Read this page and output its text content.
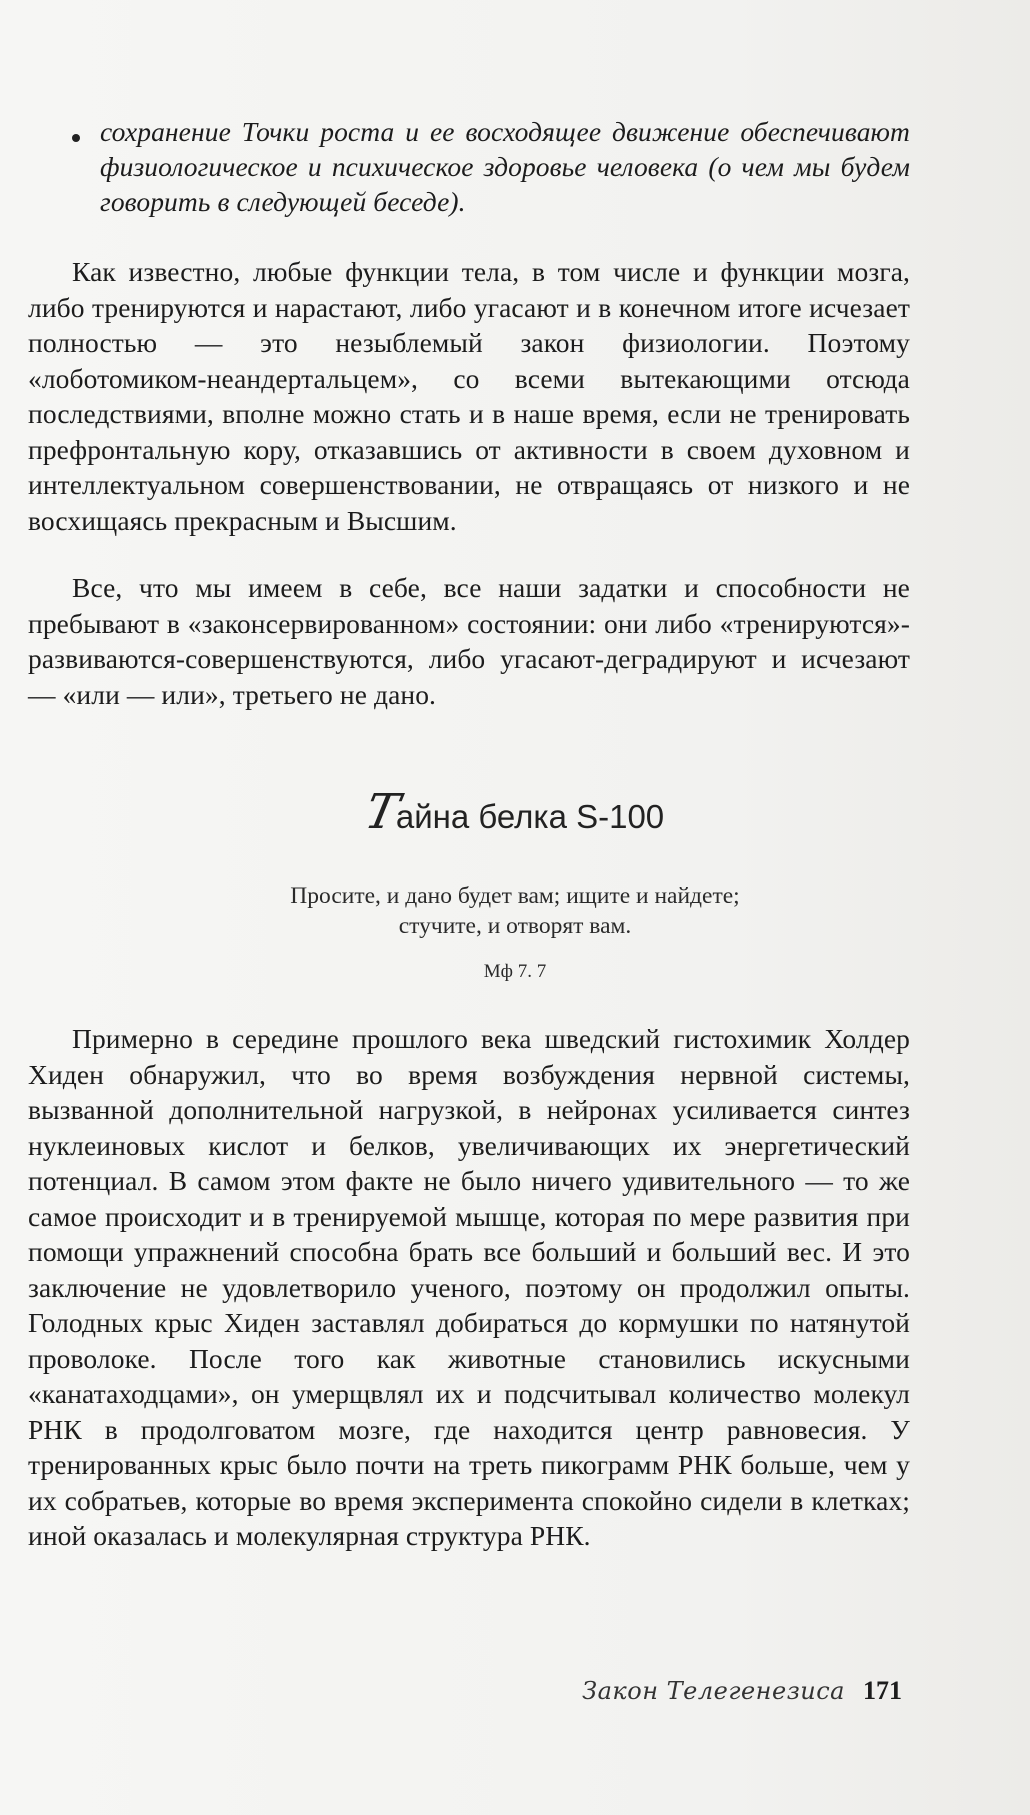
сохранение Точки роста и ее восходящее движение обеспечивают физиологическое и психическое здоровье человека (о чем мы будем говорить в следующей беседе).
Как известно, любые функции тела, в том числе и функции мозга, либо тренируются и нарастают, либо угасают и в конечном итоге исчезает полностью — это незыблемый закон физиологии. Поэтому «лоботомиком-неандертальцем», со всеми вытекающими отсюда последствиями, вполне можно стать и в наше время, если не тренировать префронтальную кору, отказавшись от активности в своем духовном и интеллектуальном совершенствовании, не отвращаясь от низкого и не восхищаясь прекрасным и Высшим.
Все, что мы имеем в себе, все наши задатки и способности не пребывают в «законсервированном» состоянии: они либо «тренируются»-развиваются-совершенствуются, либо угасают-деградируют и исчезают — «или — или», третьего не дано.
Тайна белка S-100
Просите, и дано будет вам; ищите и найдете;
стучите, и отворят вам.
Мф 7. 7
Примерно в середине прошлого века шведский гистохимик Холдер Хиден обнаружил, что во время возбуждения нервной системы, вызванной дополнительной нагрузкой, в нейронах усиливается синтез нуклеиновых кислот и белков, увеличивающих их энергетический потенциал. В самом этом факте не было ничего удивительного — то же самое происходит и в тренируемой мышце, которая по мере развития при помощи упражнений способна брать все больший и больший вес. И это заключение не удовлетворило ученого, поэтому он продолжил опыты. Голодных крыс Хиден заставлял добираться до кормушки по натянутой проволоке. После того как животные становились искусными «канатаходцами», он умерщвлял их и подсчитывал количество молекул РНК в продолговатом мозге, где находится центр равновесия. У тренированных крыс было почти на треть пикограмм РНК больше, чем у их собратьев, которые во время эксперимента спокойно сидели в клетках; иной оказалась и молекулярная структура РНК.
Закон Телегенезиса 171
